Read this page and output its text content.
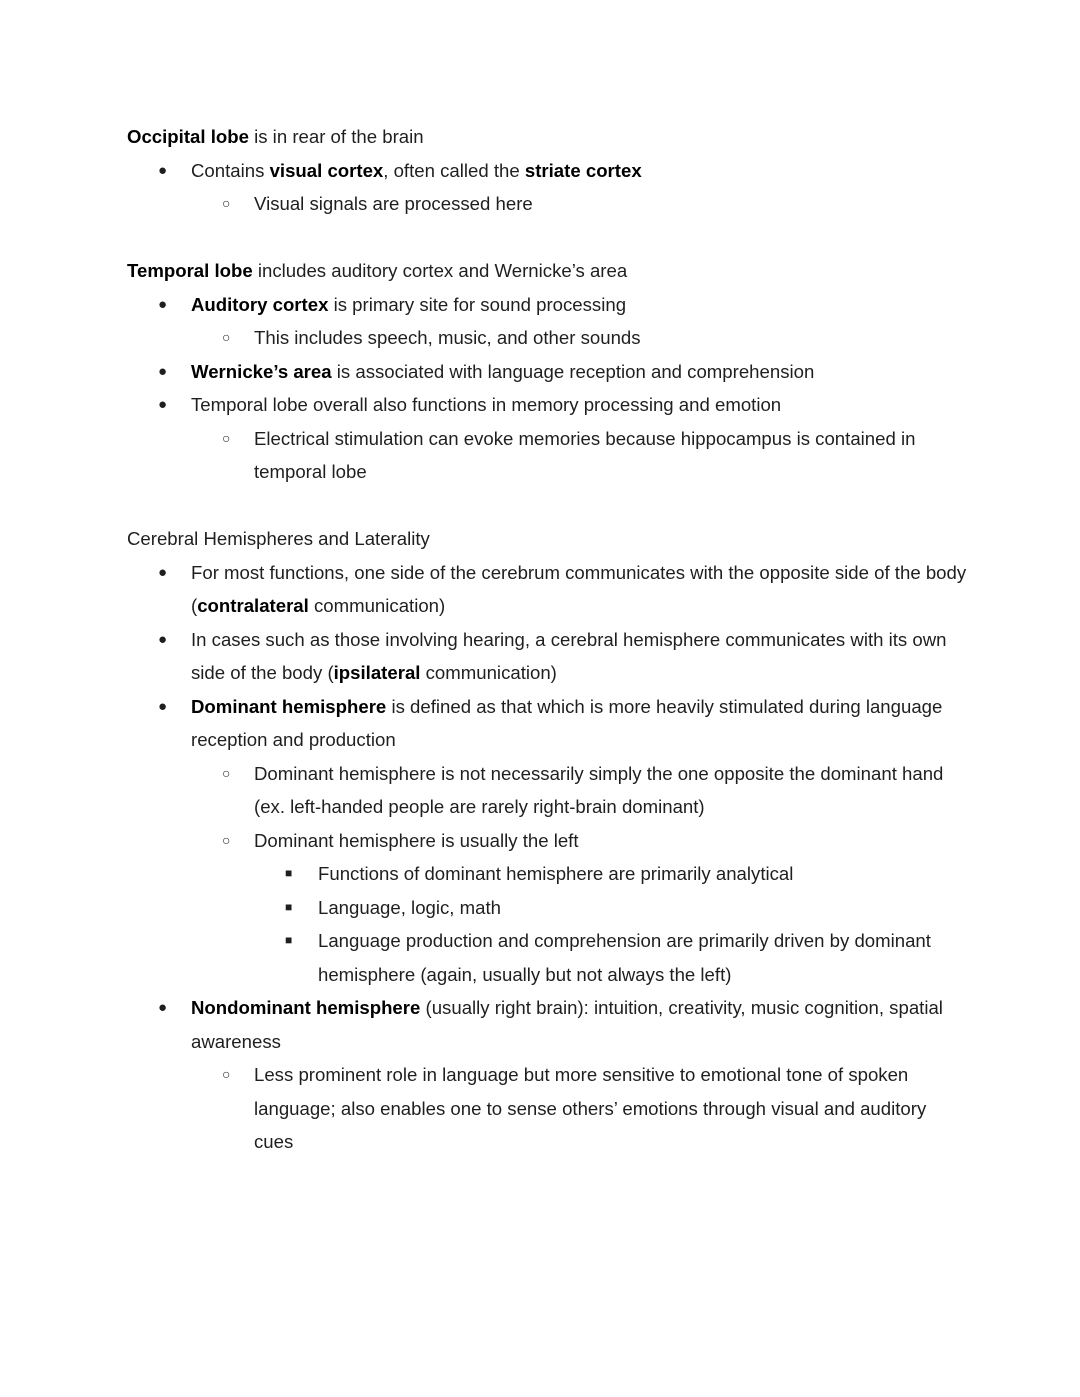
Occipital lobe is in rear of the brain

● Contains visual cortex, often called the striate cortex
○ Visual signals are processed here

Temporal lobe includes auditory cortex and Wernicke’s area

● Auditory cortex is primary site for sound processing
○ This includes speech, music, and other sounds
● Wernicke’s area is associated with language reception and comprehension
● Temporal lobe overall also functions in memory processing and emotion
○ Electrical stimulation can evoke memories because hippocampus is contained in temporal lobe

Cerebral Hemispheres and Laterality

● For most functions, one side of the cerebrum communicates with the opposite side of the body (contralateral communication)
● In cases such as those involving hearing, a cerebral hemisphere communicates with its own side of the body (ipsilateral communication)
● Dominant hemisphere is defined as that which is more heavily stimulated during language reception and production
○ Dominant hemisphere is not necessarily simply the one opposite the dominant hand (ex. left-handed people are rarely right-brain dominant)
○ Dominant hemisphere is usually the left
■ Functions of dominant hemisphere are primarily analytical
■ Language, logic, math
■ Language production and comprehension are primarily driven by dominant hemisphere (again, usually but not always the left)
● Nondominant hemisphere (usually right brain): intuition, creativity, music cognition, spatial awareness
○ Less prominent role in language but more sensitive to emotional tone of spoken language; also enables one to sense others’ emotions through visual and auditory cues
